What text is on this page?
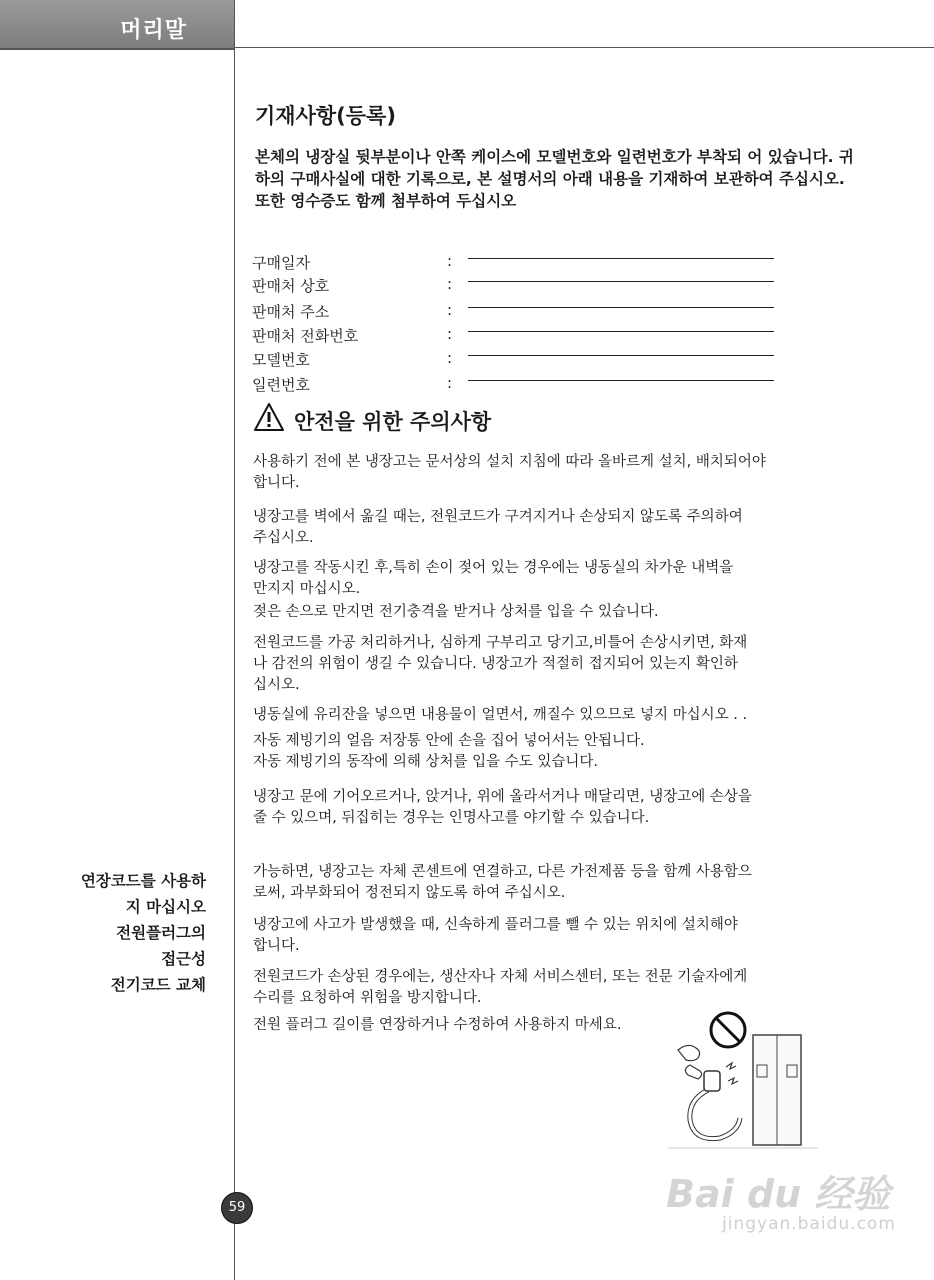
머리말
기재사항(등록)

본체의 냉장실 뒷부분이나 안쪽 케이스에 모델번호와 일련번호가 부착되 어 있습니다. 귀하의 구매사실에 대한 기록으로, 본 설명서의 아래 내용을 기재하여 보관하여 주십시오. 또한 영수증도 함께 첨부하여 두십시오

구매일자	:
판매처 상호	:
판매처 주소	:
판매처 전화번호	:
모델번호	:
일련번호	:
안전을 위한 주의사항

사용하기 전에 본 냉장고는 문서상의 설치 지침에 따라 올바르게 설치, 배치되어야
합니다.

냉장고를 벽에서 옮길 때는, 전원코드가 구겨지거나 손상되지 않도록 주의하여
주십시오.

냉장고를 작동시킨 후,특히 손이 젖어 있는 경우에는 냉동실의 차가운 내벽을
만지지 마십시오.

젖은 손으로 만지면 전기충격을 받거나 상처를 입을 수 있습니다.

전원코드를 가공 처리하거나, 심하게 구부리고 당기고,비틀어 손상시키면, 화재
나 감전의 위험이 생길 수 있습니다. 냉장고가 적절히 접지되어 있는지 확인하
십시오.

냉동실에 유리잔을 넣으면 내용물이 얼면서, 깨질수 있으므로 넣지 마십시오 . .

자동 제빙기의 얼음 저장통 안에 손을 집어 넣어서는 안됩니다.
자동 제빙기의 동작에 의해 상처를 입을 수도 있습니다.

냉장고 문에 기어오르거나, 앉거나, 위에 올라서거나 매달리면, 냉장고에 손상을
줄 수 있으며, 뒤집히는 경우는 인명사고를 야기할 수 있습니다.

연장코드를 사용하
지 마십시오
전원플러그의
접근성
전기코드 교체

가능하면, 냉장고는 자체 콘센트에 연결하고, 다른 가전제품 등을 함께 사용함으
로써, 과부화되어 정전되지 않도록 하여 주십시오.

냉장고에 사고가 발생했을 때, 신속하게 플러그를 뺄 수 있는 위치에 설치해야
합니다.

전원코드가 손상된 경우에는, 생산자나 자체 서비스센터, 또는 전문 기술자에게
수리를 요청하여 위험을 방지합니다.

전원 플러그 길이를 연장하거나 수정하여 사용하지 마세요.

59	Bai du 经验
jingyan.baidu.com
